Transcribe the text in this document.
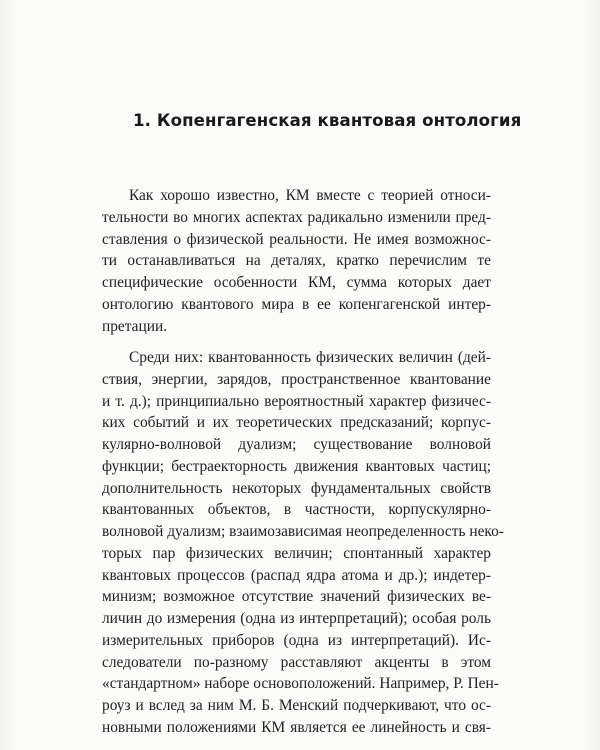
1. Копенгагенская квантовая онтология
Как хорошо известно, КМ вместе с теорией относи-
тельности во многих аспектах радикально изменили пред-
ставления о физической реальности. Не имея возможнос-
ти останавливаться на деталях, кратко перечислим те
специфические особенности КМ, сумма которых дает
онтологию квантового мира в ее копенгагенской интер-
претации.
Среди них: квантованность физических величин (дей-
ствия, энергии, зарядов, пространственное квантование
и т. д.); принципиально вероятностный характер физичес-
ких событий и их теоретических предсказаний; корпус-
кулярно-волновой дуализм; существование волновой
функции; беcтраекторность движения квантовых частиц;
дополнительность некоторых фундаментальных свойств
квантованных объектов, в частности, корпускулярно-
волновой дуализм; взаимозависимая неопределенность неко-
торых пар физических величин; спонтанный характер
квантовых процессов (распад ядра атома и др.); индетер-
минизм; возможное отсутствие значений физических ве-
личин до измерения (одна из интерпретаций); особая роль
измерительных приборов (одна из интерпретаций). Ис-
следователи по-разному расставляют акценты в этом
«стандартном» наборе основоположений. Например, Р. Пен-
роуз и вслед за ним М. Б. Менский подчеркивают, что ос-
новными положениями КМ является ее линейность и свя-
